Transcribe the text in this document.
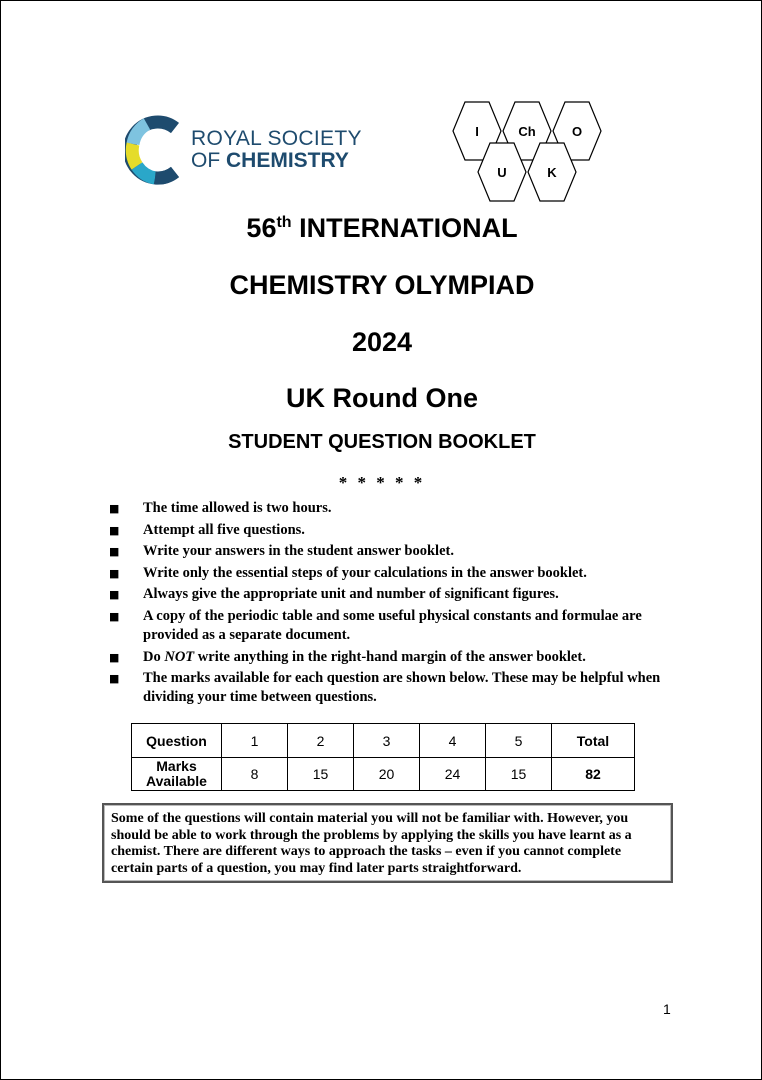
ROYAL SOCIETY
OF CHEMISTRY
I	Ch	O
U	K
56th INTERNATIONAL
CHEMISTRY OLYMPIAD
2024
UK Round One
STUDENT QUESTION BOOKLET
* * * * *
■ The time allowed is two hours.
■ Attempt all five questions.
■ Write your answers in the student answer booklet.
■ Write only the essential steps of your calculations in the answer booklet.
■ Always give the appropriate unit and number of significant figures.
■ A copy of the periodic table and some useful physical constants and formulae are provided as a separate document.
■ Do NOT write anything in the right-hand margin of the answer booklet.
■ The marks available for each question are shown below. These may be helpful when dividing your time between questions.
Question	1	2	3	4	5	Total
Marks
Available	8	15	20	24	15	82
Some of the questions will contain material you will not be familiar with. However, you should be able to work through the problems by applying the skills you have learnt as a chemist. There are different ways to approach the tasks – even if you cannot complete certain parts of a question, you may find later parts straightforward.
1
